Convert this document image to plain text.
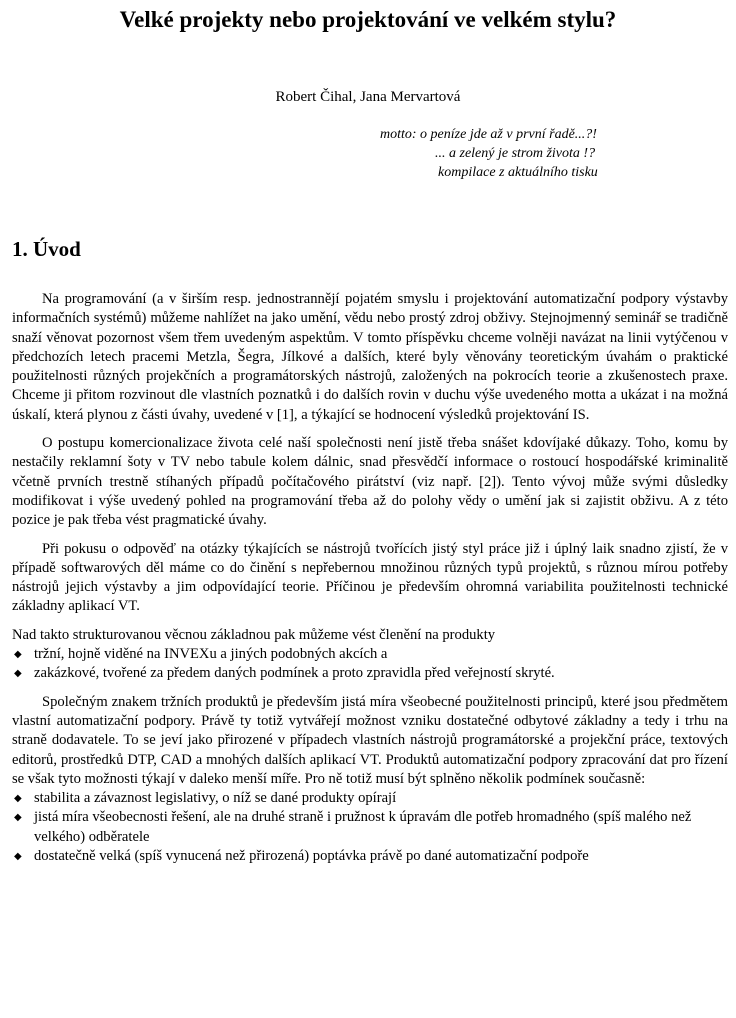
Velké projekty nebo projektování ve velkém stylu?
Robert Čihal, Jana Mervartová
motto: o peníze jde až v první řadě...?!
... a zelený je strom života !?
kompilace z aktuálního tisku
1. Úvod

Na programování (a v širším resp. jednostrannějí pojatém smyslu i projektování automatizační podpory výstavby informačních systémů) můžeme nahlížet na jako umění, vědu nebo prostý zdroj obživy. Stejnojmenný seminář se tradičně snaží věnovat pozornost všem třem uvedeným aspektům. V tomto příspěvku chceme volněji navázat na linii vytýčenou v předchozích letech pracemi Metzla, Šegra, Jílkové a dalších, které byly věnovány teoretickým úvahám o praktické použitelnosti různých projekčních a programátorských nástrojů, založených na pokrocích teorie a zkušenostech praxe. Chceme ji přitom rozvinout dle vlastních poznatků i do dalších rovin v duchu výše uvedeného motta a ukázat i na možná úskalí, která plynou z části úvahy, uvedené v [1], a týkající se hodnocení výsledků projektování IS.

O postupu komercionalizace života celé naší společnosti není jistě třeba snášet kdovíjaké důkazy. Toho, komu by nestačily reklamní šoty v TV nebo tabule kolem dálnic, snad přesvědčí informace o rostoucí hospodářské kriminalitě včetně prvních trestně stíhaných případů počítačového pirátství (viz např. [2]). Tento vývoj může svými důsledky modifikovat i výše uvedený pohled na programování třeba až do polohy vědy o umění jak si zajistit obživu. A z této pozice je pak třeba vést pragmatické úvahy.

Při pokusu o odpověď na otázky týkajících se nástrojů tvořících jistý styl práce již i úplný laik snadno zjistí, že v případě softwarových děl máme co do činění s nepřebernou množinou různých typů projektů, s různou mírou potřeby nástrojů jejich výstavby a jim odpovídající teorie. Příčinou je především ohromná variabilita použitelnosti technické základny aplikací VT.

Nad takto strukturovanou věcnou základnou pak můžeme vést členění na produkty

◆ tržní, hojně viděné na INVEXu a jiných podobných akcích a
◆ zakázkové, tvořené za předem daných podmínek a proto zpravidla před veřejností skryté.

Společným znakem tržních produktů je především jistá míra všeobecné použitelnosti principů, které jsou předmětem vlastní automatizační podpory. Právě ty totiž vytvářejí možnost vzniku dostatečné odbytové základny a tedy i trhu na straně dodavatele. To se jeví jako přirozené v případech vlastních nástrojů programátorské a projekční práce, textových editorů, prostředků DTP, CAD a mnohých dalších aplikací VT. Produktů automatizační podpory zpracování dat pro řízení se však tyto možnosti týkají v daleko menší míře. Pro ně totiž musí být splněno několik podmínek současně:

◆ stabilita a závaznost legislativy, o níž se dané produkty opírají
◆ jistá míra všeobecnosti řešení, ale na druhé straně i pružnost k úpravám dle potřeb hromadného (spíš malého než velkého) odběratele
◆ dostatečně velká (spíš vynucená než přirozená) poptávka právě po dané automatizační podpoře
